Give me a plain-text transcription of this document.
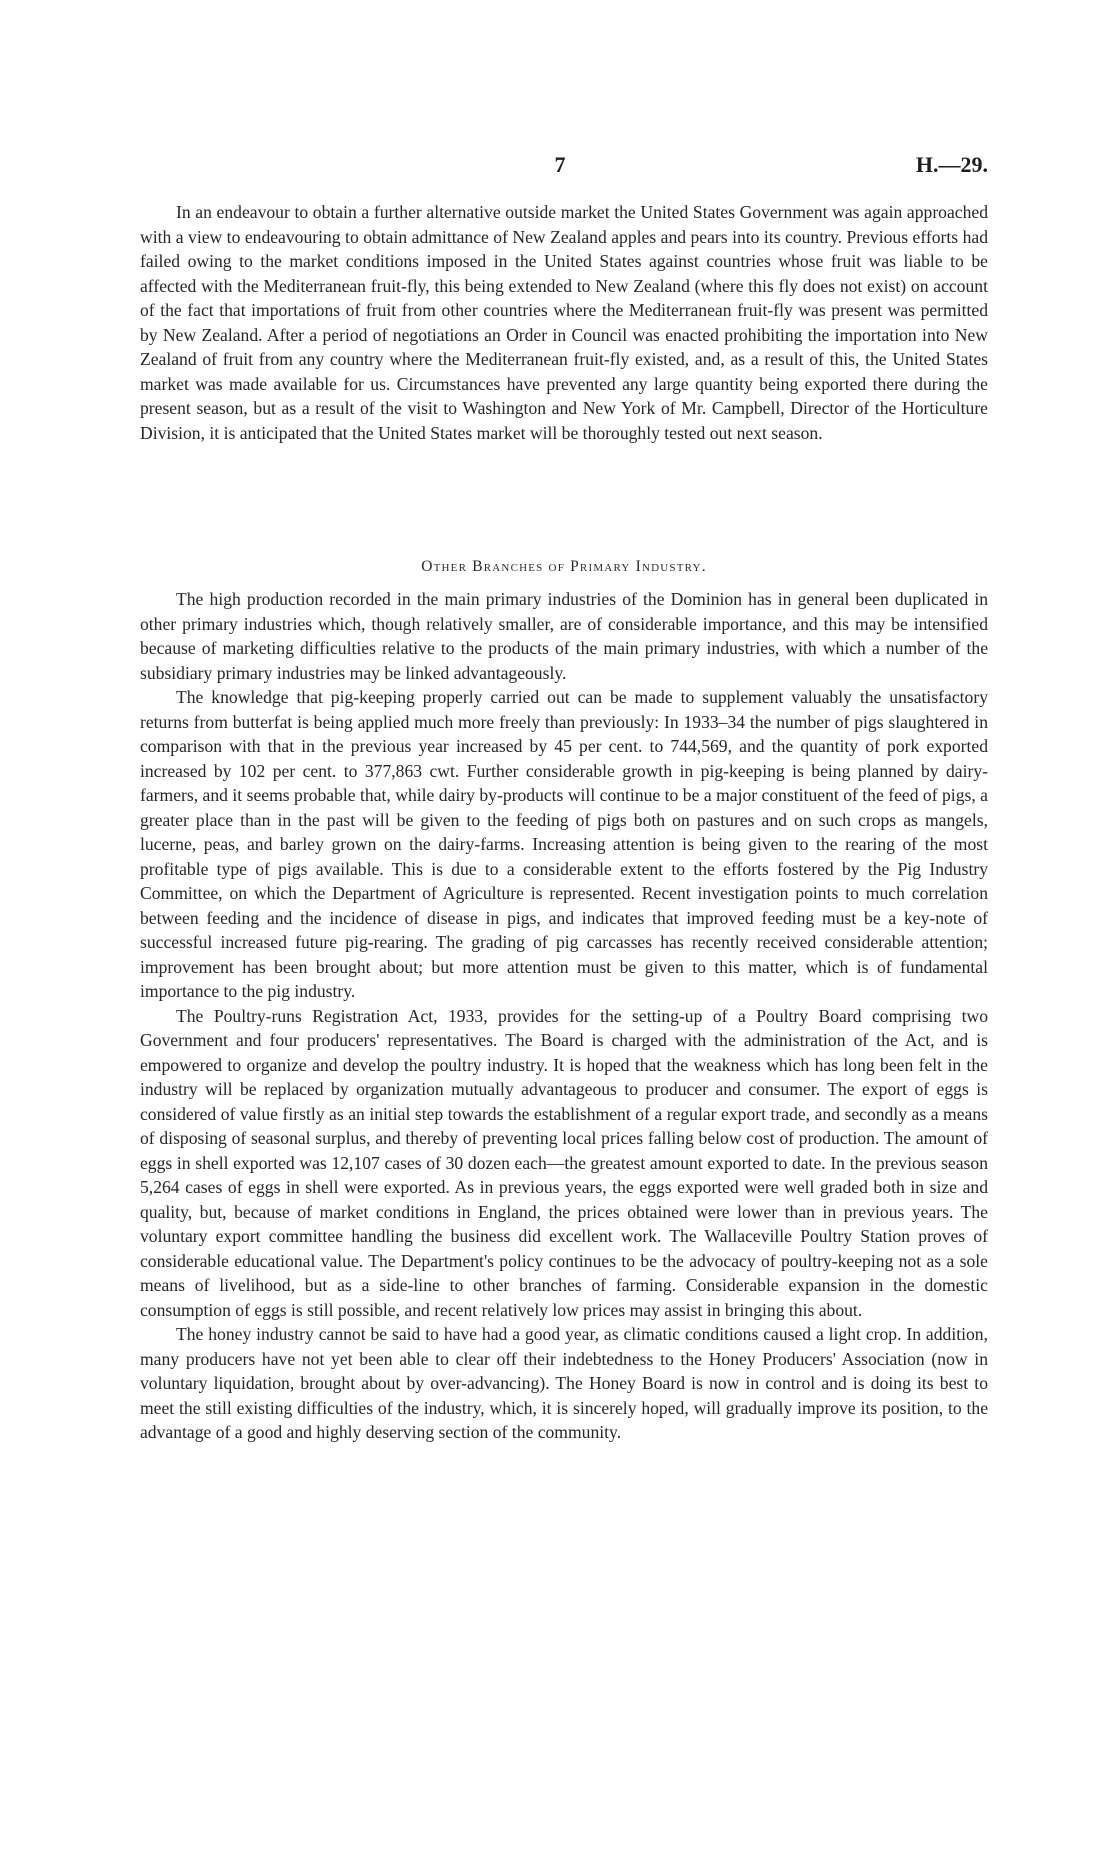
7	H.—29.

In an endeavour to obtain a further alternative outside market the United States Government was again approached with a view to endeavouring to obtain admittance of New Zealand apples and pears into its country. Previous efforts had failed owing to the market conditions imposed in the United States against countries whose fruit was liable to be affected with the Mediterranean fruit-fly, this being extended to New Zealand (where this fly does not exist) on account of the fact that importations of fruit from other countries where the Mediterranean fruit-fly was present was permitted by New Zealand. After a period of negotiations an Order in Council was enacted prohibiting the importation into New Zealand of fruit from any country where the Mediterranean fruit-fly existed, and, as a result of this, the United States market was made available for us. Circumstances have prevented any large quantity being exported there during the present season, but as a result of the visit to Washington and New York of Mr. Campbell, Director of the Horticulture Division, it is anticipated that the United States market will be thoroughly tested out next season.

Other Branches of Primary Industry.

The high production recorded in the main primary industries of the Dominion has in general been duplicated in other primary industries which, though relatively smaller, are of considerable importance, and this may be intensified because of marketing difficulties relative to the products of the main primary industries, with which a number of the subsidiary primary industries may be linked advantageously.

The knowledge that pig-keeping properly carried out can be made to supplement valuably the unsatisfactory returns from butterfat is being applied much more freely than previously: In 1933–34 the number of pigs slaughtered in comparison with that in the previous year increased by 45 per cent. to 744,569, and the quantity of pork exported increased by 102 per cent. to 377,863 cwt. Further considerable growth in pig-keeping is being planned by dairy-farmers, and it seems probable that, while dairy by-products will continue to be a major constituent of the feed of pigs, a greater place than in the past will be given to the feeding of pigs both on pastures and on such crops as mangels, lucerne, peas, and barley grown on the dairy-farms. Increasing attention is being given to the rearing of the most profitable type of pigs available. This is due to a considerable extent to the efforts fostered by the Pig Industry Committee, on which the Department of Agriculture is represented. Recent investigation points to much correlation between feeding and the incidence of disease in pigs, and indicates that improved feeding must be a key-note of successful increased future pig-rearing. The grading of pig carcasses has recently received considerable attention; improvement has been brought about; but more attention must be given to this matter, which is of fundamental importance to the pig industry.

The Poultry-runs Registration Act, 1933, provides for the setting-up of a Poultry Board comprising two Government and four producers' representatives. The Board is charged with the administration of the Act, and is empowered to organize and develop the poultry industry. It is hoped that the weakness which has long been felt in the industry will be replaced by organization mutually advantageous to producer and consumer. The export of eggs is considered of value firstly as an initial step towards the establishment of a regular export trade, and secondly as a means of disposing of seasonal surplus, and thereby of preventing local prices falling below cost of production. The amount of eggs in shell exported was 12,107 cases of 30 dozen each—the greatest amount exported to date. In the previous season 5,264 cases of eggs in shell were exported. As in previous years, the eggs exported were well graded both in size and quality, but, because of market conditions in England, the prices obtained were lower than in previous years. The voluntary export committee handling the business did excellent work. The Wallaceville Poultry Station proves of considerable educational value. The Department's policy continues to be the advocacy of poultry-keeping not as a sole means of livelihood, but as a side-line to other branches of farming. Considerable expansion in the domestic consumption of eggs is still possible, and recent relatively low prices may assist in bringing this about.

The honey industry cannot be said to have had a good year, as climatic conditions caused a light crop. In addition, many producers have not yet been able to clear off their indebtedness to the Honey Producers' Association (now in voluntary liquidation, brought about by over-advancing). The Honey Board is now in control and is doing its best to meet the still existing difficulties of the industry, which, it is sincerely hoped, will gradually improve its position, to the advantage of a good and highly deserving section of the community.
